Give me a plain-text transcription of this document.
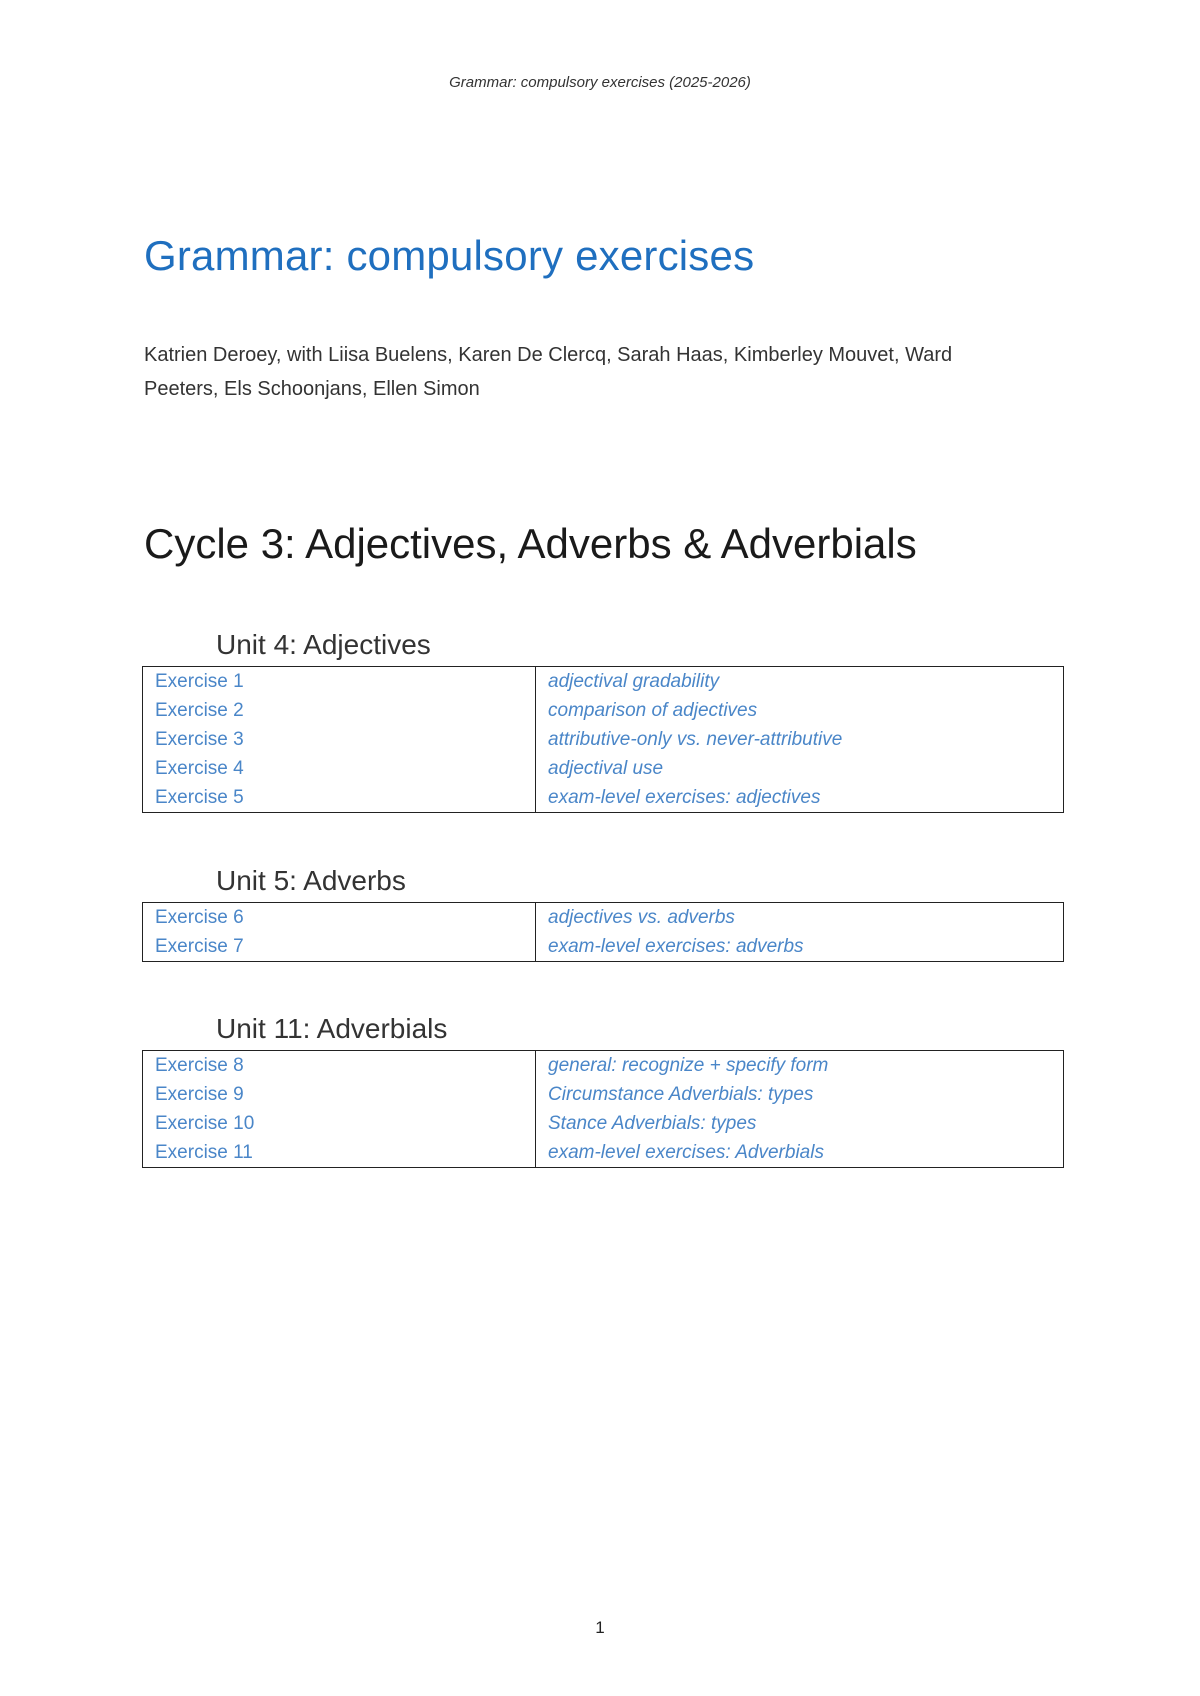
Grammar: compulsory exercises (2025-2026)
Grammar: compulsory exercises

Katrien Deroey, with Liisa Buelens, Karen De Clercq, Sarah Haas, Kimberley Mouvet, Ward Peeters, Els Schoonjans, Ellen Simon

Cycle 3: Adjectives, Adverbs & Adverbials
Unit 4: Adjectives
Exercise 1	adjectival gradability
Exercise 2	comparison of adjectives
Exercise 3	attributive-only vs. never-attributive
Exercise 4	adjectival use
Exercise 5	exam-level exercises: adjectives
Unit 5: Adverbs
Exercise 6	adjectives vs. adverbs
Exercise 7	exam-level exercises: adverbs
Unit 11: Adverbials
Exercise 8	general: recognize + specify form
Exercise 9	Circumstance Adverbials: types
Exercise 10	Stance Adverbials: types
Exercise 11	exam-level exercises: Adverbials
1
